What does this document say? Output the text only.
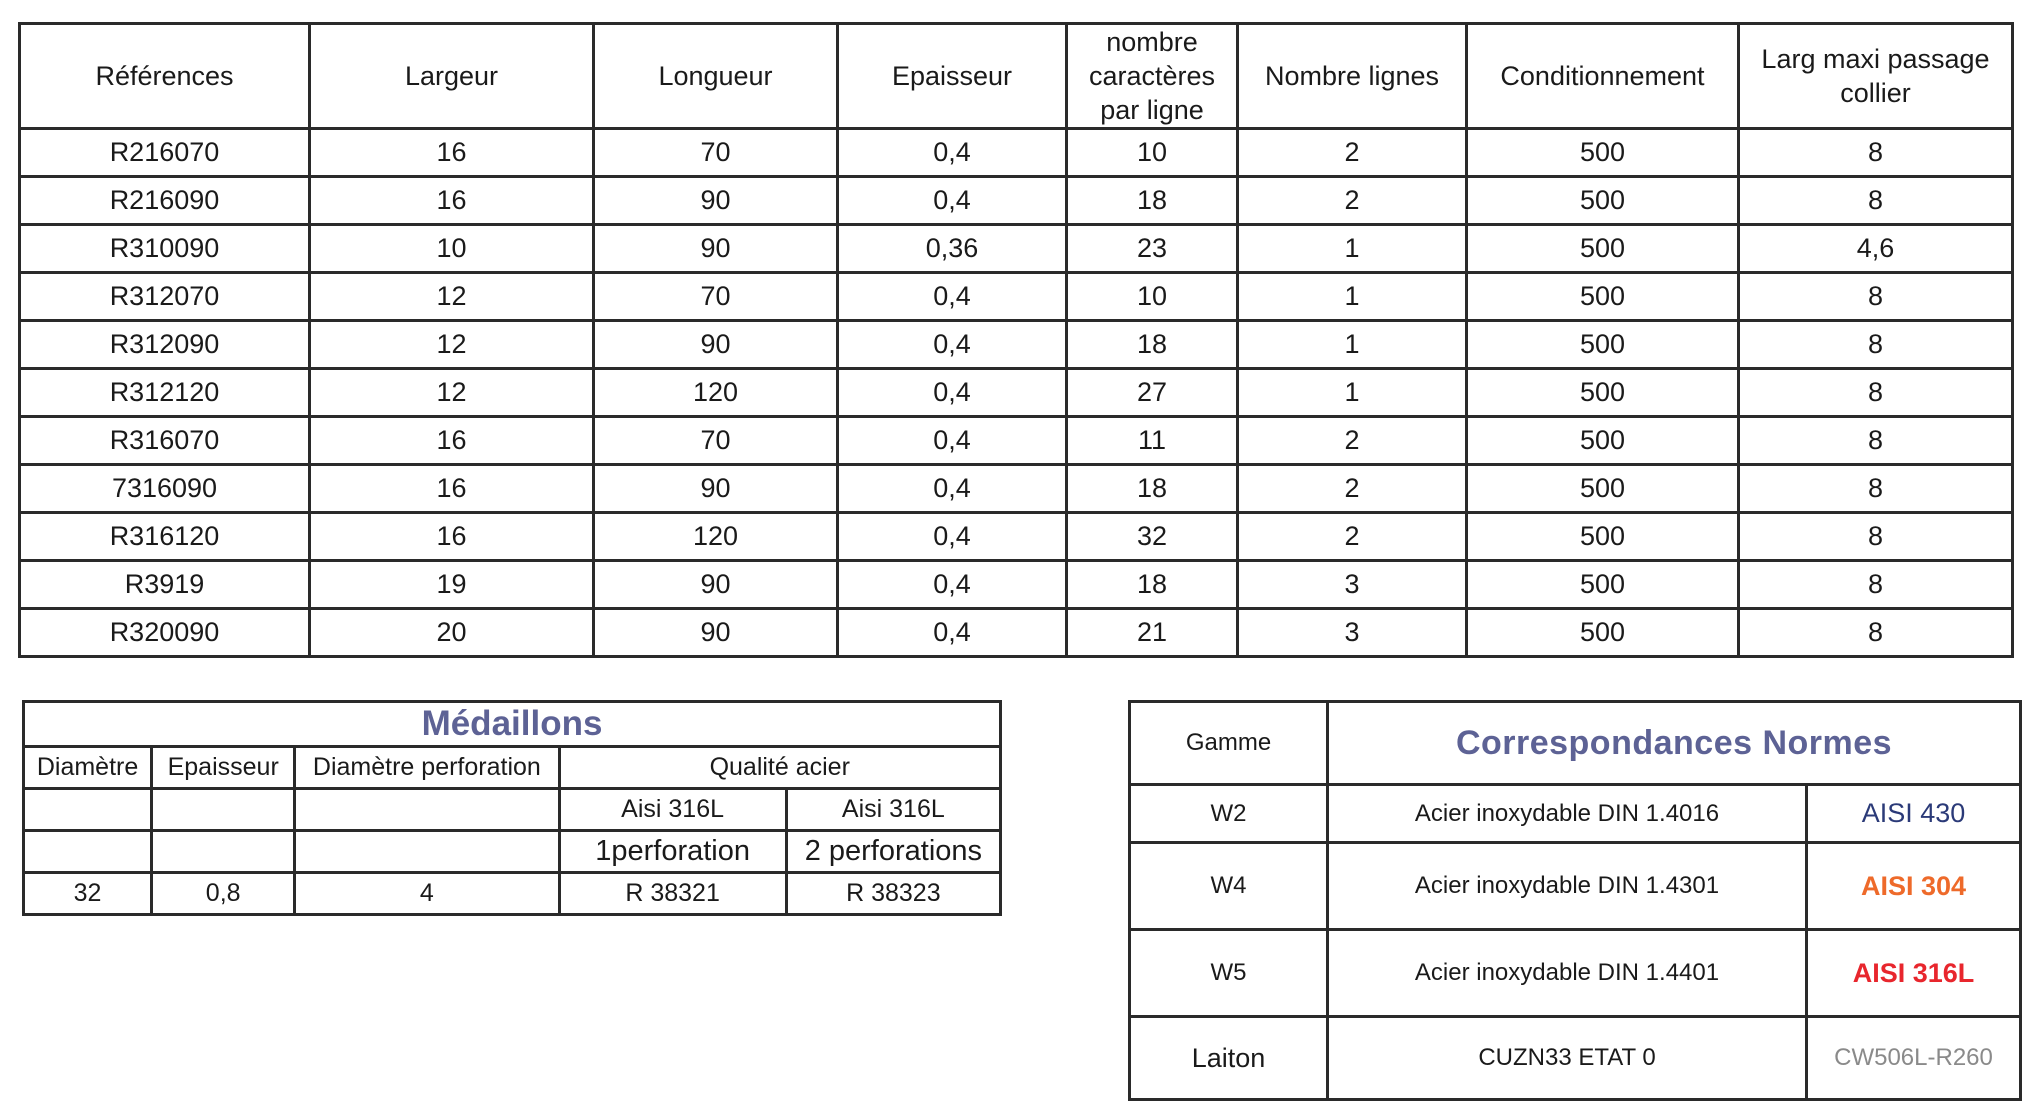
Références	Largeur	Longueur	Epaisseur	nombre caractères par ligne	Nombre lignes	Conditionnement	Larg maxi passage collier
R216070	16	70	0,4	10	2	500	8
R216090	16	90	0,4	18	2	500	8
R310090	10	90	0,36	23	1	500	4,6
R312070	12	70	0,4	10	1	500	8
R312090	12	90	0,4	18	1	500	8
R312120	12	120	0,4	27	1	500	8
R316070	16	70	0,4	11	2	500	8
7316090	16	90	0,4	18	2	500	8
R316120	16	120	0,4	32	2	500	8
R3919	19	90	0,4	18	3	500	8
R320090	20	90	0,4	21	3	500	8
Médaillons				
Diamètre	Epaisseur	Diamètre perforation	Qualité acier	
			Aisi 316L	Aisi 316L
			1perforation	2 perforations
32	0,8	4	R 38321	R 38323
Gamme	Correspondances Normes	
W2	Acier inoxydable DIN 1.4016	AISI 430
W4	Acier inoxydable DIN 1.4301	AISI 304
W5	Acier inoxydable DIN 1.4401	AISI 316L
Laiton	CUZN33 ETAT 0	CW506L-R260
